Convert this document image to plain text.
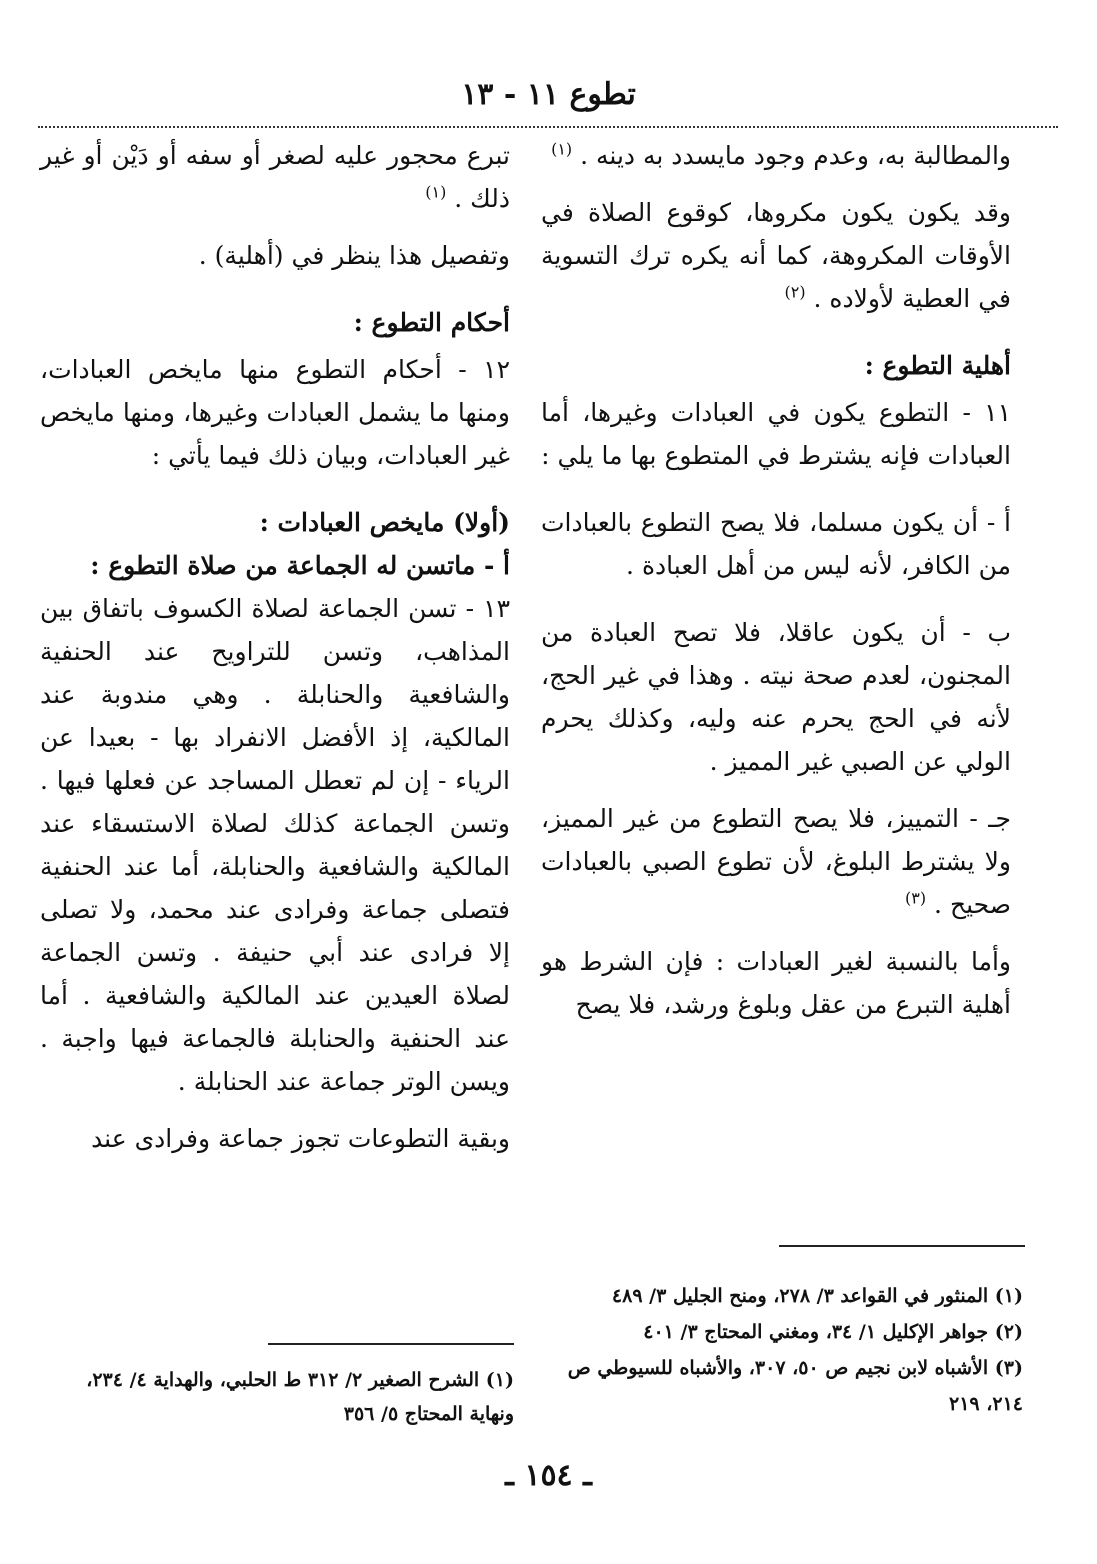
تطوع ١١ - ١٣

والمطالبة به، وعدم وجود مايسدد به دينه . $^{(١)}$

وقد يكون يكون مكروها، كوقوع الصلاة في الأوقات المكروهة، كما أنه يكره ترك التسوية في العطية لأولاده . $^{(٢)}$

أهلية التطوع :

١١ - التطوع يكون في العبادات وغيرها، أما العبادات فإنه يشترط في المتطوع بها ما يلي :

أ - أن يكون مسلما، فلا يصح التطوع بالعبادات من الكافر، لأنه ليس من أهل العبادة .

ب - أن يكون عاقلا، فلا تصح العبادة من المجنون، لعدم صحة نيته . وهذا في غير الحج، لأنه في الحج يحرم عنه وليه، وكذلك يحرم الولي عن الصبي غير المميز .

جـ - التمييز، فلا يصح التطوع من غير المميز، ولا يشترط البلوغ، لأن تطوع الصبي بالعبادات صحيح . $^{(٣)}$

وأما بالنسبة لغير العبادات : فإن الشرط هو أهلية التبرع من عقل وبلوغ ورشد، فلا يصح

تبرع محجور عليه لصغر أو سفه أو دَيْن أو غير ذلك . $^{(١)}$

وتفصيل هذا ينظر في (أهلية) .

أحكام التطوع :

١٢ - أحكام التطوع منها مايخص العبادات، ومنها ما يشمل العبادات وغيرها، ومنها مايخص غير العبادات، وبيان ذلك فيما يأتي :

(أولا) مايخص العبادات :

أ - ماتسن له الجماعة من صلاة التطوع :

١٣ - تسن الجماعة لصلاة الكسوف باتفاق بين المذاهب، وتسن للتراويح عند الحنفية والشافعية والحنابلة . وهي مندوبة عند المالكية، إذ الأفضل الانفراد بها - بعيدا عن الرياء - إن لم تعطل المساجد عن فعلها فيها . وتسن الجماعة كذلك لصلاة الاستسقاء عند المالكية والشافعية والحنابلة، أما عند الحنفية فتصلى جماعة وفرادى عند محمد، ولا تصلى إلا فرادى عند أبي حنيفة . وتسن الجماعة لصلاة العيدين عند المالكية والشافعية . أما عند الحنفية والحنابلة فالجماعة فيها واجبة . ويسن الوتر جماعة عند الحنابلة .

وبقية التطوعات تجوز جماعة وفرادى عند

(١) المنثور في القواعد ٣/ ٢٧٨، ومنح الجليل ٣/ ٤٨٩

(٢) جواهر الإكليل ١/ ٣٤، ومغني المحتاج ٣/ ٤٠١

(٣) الأشباه لابن نجيم ص ٥٠، ٣٠٧، والأشباه للسيوطي ص ٢١٤، ٢١٩

(١) الشرح الصغير ٢/ ٣١٢ ط الحلبي، والهداية ٤/ ٢٣٤، ونهاية المحتاج ٥/ ٣٥٦

ـ ١٥٤ ـ
